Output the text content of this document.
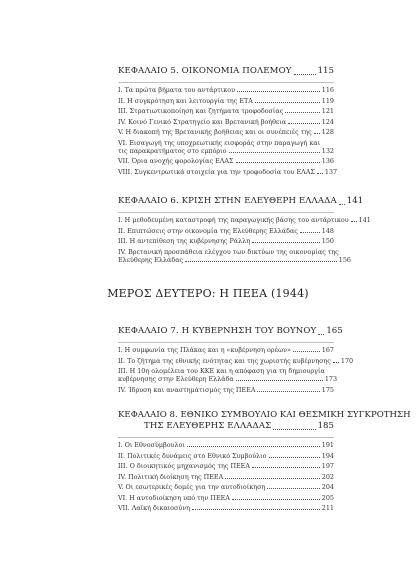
ΚΕΦΑΛΑΙΟ 5. ΟΙΚΟΝΟΜΙΑ ΠΟΛΕΜΟΥ	115
I. Τα πρώτα βήματα του αντάρτικου	116
II. Η συγκρότηση και λειτουργία της ΕΤΑ	119
III. Στρατιωτικοποίηση και ζητήματα τροφοδοσίας	121
IV. Κοινό Γενικό Στρατηγείο και Βρετανική βοήθεια	124
V. Η διακοπή της Βρετανικής βοήθειας και οι συνέπειές της 128
VI. Εισαγωγή της υποχρεωτικής εισφοράς στην παραγωγή και
τις παρακρατήματος στο εμπόριο	132
VII. Όρια ανοχής φορολογίας ΕΛΑΣ	136
VIII. Συγκεντρωτικά στοιχεία για την τροφοδοσία του ΕΛΑΣ 137
ΚΕΦΑΛΑΙΟ 6. ΚΡΙΣΗ ΣΤΗΝ ΕΛΕΥΘΕΡΗ ΕΛΛΑΔΑ 141
I. Η μεθοδευμένη καταστροφή της παραγωγικής βάσης του αντάρτικου 141
II. Επιπτώσεις στην οικονομία της Ελεύθερης Ελλάδας	148
III. Η αντεπίθεση της κυβέρνησης Ράλλη	150
IV. Βρετανική προσπάθεια ελέγχου των δικτύων της οικονομίας της
Ελεύθερης Ελλάδας	156
ΜΕΡΟΣ ΔΕΥΤΕΡΟ: Η ΠΕΕΑ (1944)
ΚΕΦΑΛΑΙΟ 7. Η ΚΥΒΕΡΝΗΣΗ ΤΟΥ ΒΟΥΝΟΥ 165
I. Η συμφωνία της Πλάκας και η «κυβέρνηση ορέων»	167
II. Το ζήτημα της εθνικής ενότητας και της χωριστής κυβέρνησης 170
III. Η 10η ολομέλεια του ΚΚΕ και η απόφαση για τη δημιουργία
κυβέρνησης στην Ελεύθερη Ελλάδα	173
IV. Ίδρυση και αναστημάτισμός της ΠΕΕΑ	175
ΚΕΦΑΛΑΙΟ 8. ΕΘΝΙΚΟ ΣΥΜΒΟΥΛΙΟ ΚΑΙ ΘΕΣΜΙΚΗ ΣΥΓΚΡΟΤΗΣΗ
ΤΗΣ ΕΛΕΥΘΕΡΗΣ ΕΛΛΑΔΑΣ	185
I. Οι Εθνοσύμβουλοι	191
II. Πολιτικές δυνάμεις στο Εθνικό Συμβούλιο	194
III. Ο διοικητικός μηχανισμός της ΠΕΕΑ	197
IV. Πολιτική διοίκηση της ΠΕΕΑ	202
V. Οι εσωτερικές δομές για την αυτοδιοίκηση	204
VI. Η αυτοδιοίκηση υπό την ΠΕΕΑ	205
VII. Λαϊκή δικαιοσύνη	211
